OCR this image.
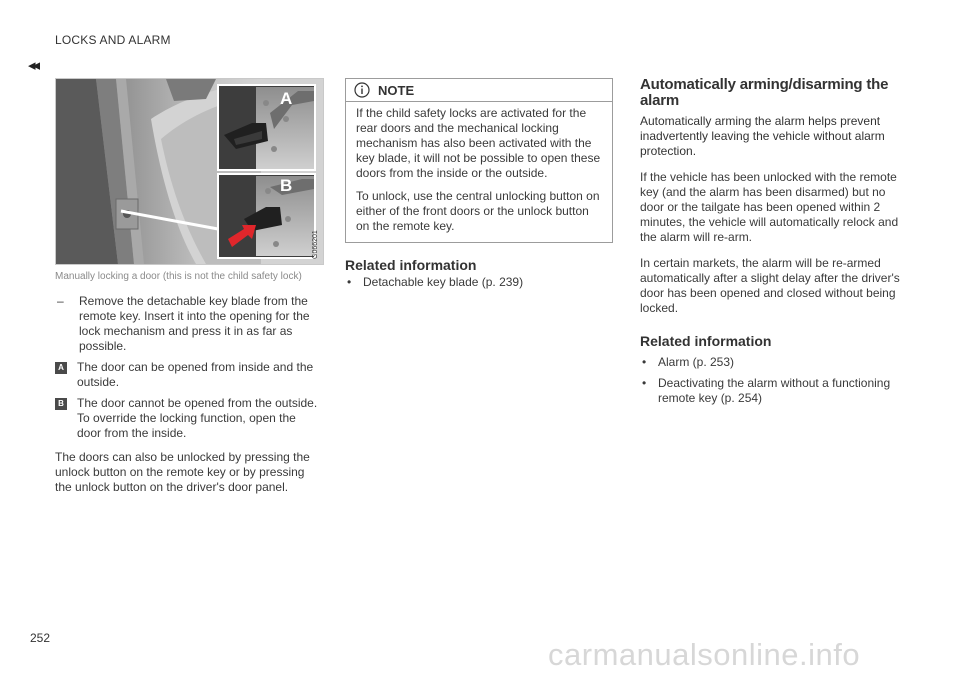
LOCKS AND ALARM
◂◂
A
B
G066201
Manually locking a door (this is not the child safety lock)
–	Remove the detachable key blade from the remote key. Insert it into the opening for the lock mechanism and press it in as far as possible.
A The door can be opened from inside and the outside.
B The door cannot be opened from the outside. To override the locking function, open the door from the inside.
The doors can also be unlocked by pressing the unlock button on the remote key or by pressing the unlock button on the driver's door panel.
NOTE

If the child safety locks are activated for the rear doors and the mechanical locking mechanism has also been activated with the key blade, it will not be possible to open these doors from the inside or the outside.

To unlock, use the central unlocking button on either of the front doors or the unlock button on the remote key.

Related information
• Detachable key blade (p. 239)
Automatically arming/disarming the alarm
Automatically arming the alarm helps prevent inadvertently leaving the vehicle without alarm protection.
If the vehicle has been unlocked with the remote key (and the alarm has been disarmed) but no door or the tailgate has been opened within 2 minutes, the vehicle will automatically relock and the alarm will re-arm.
In certain markets, the alarm will be re-armed automatically after a slight delay after the driver's door has been opened and closed without being locked.
Related information
• Alarm (p. 253)
• Deactivating the alarm without a functioning remote key (p. 254)
252	carmanualsonline.info
